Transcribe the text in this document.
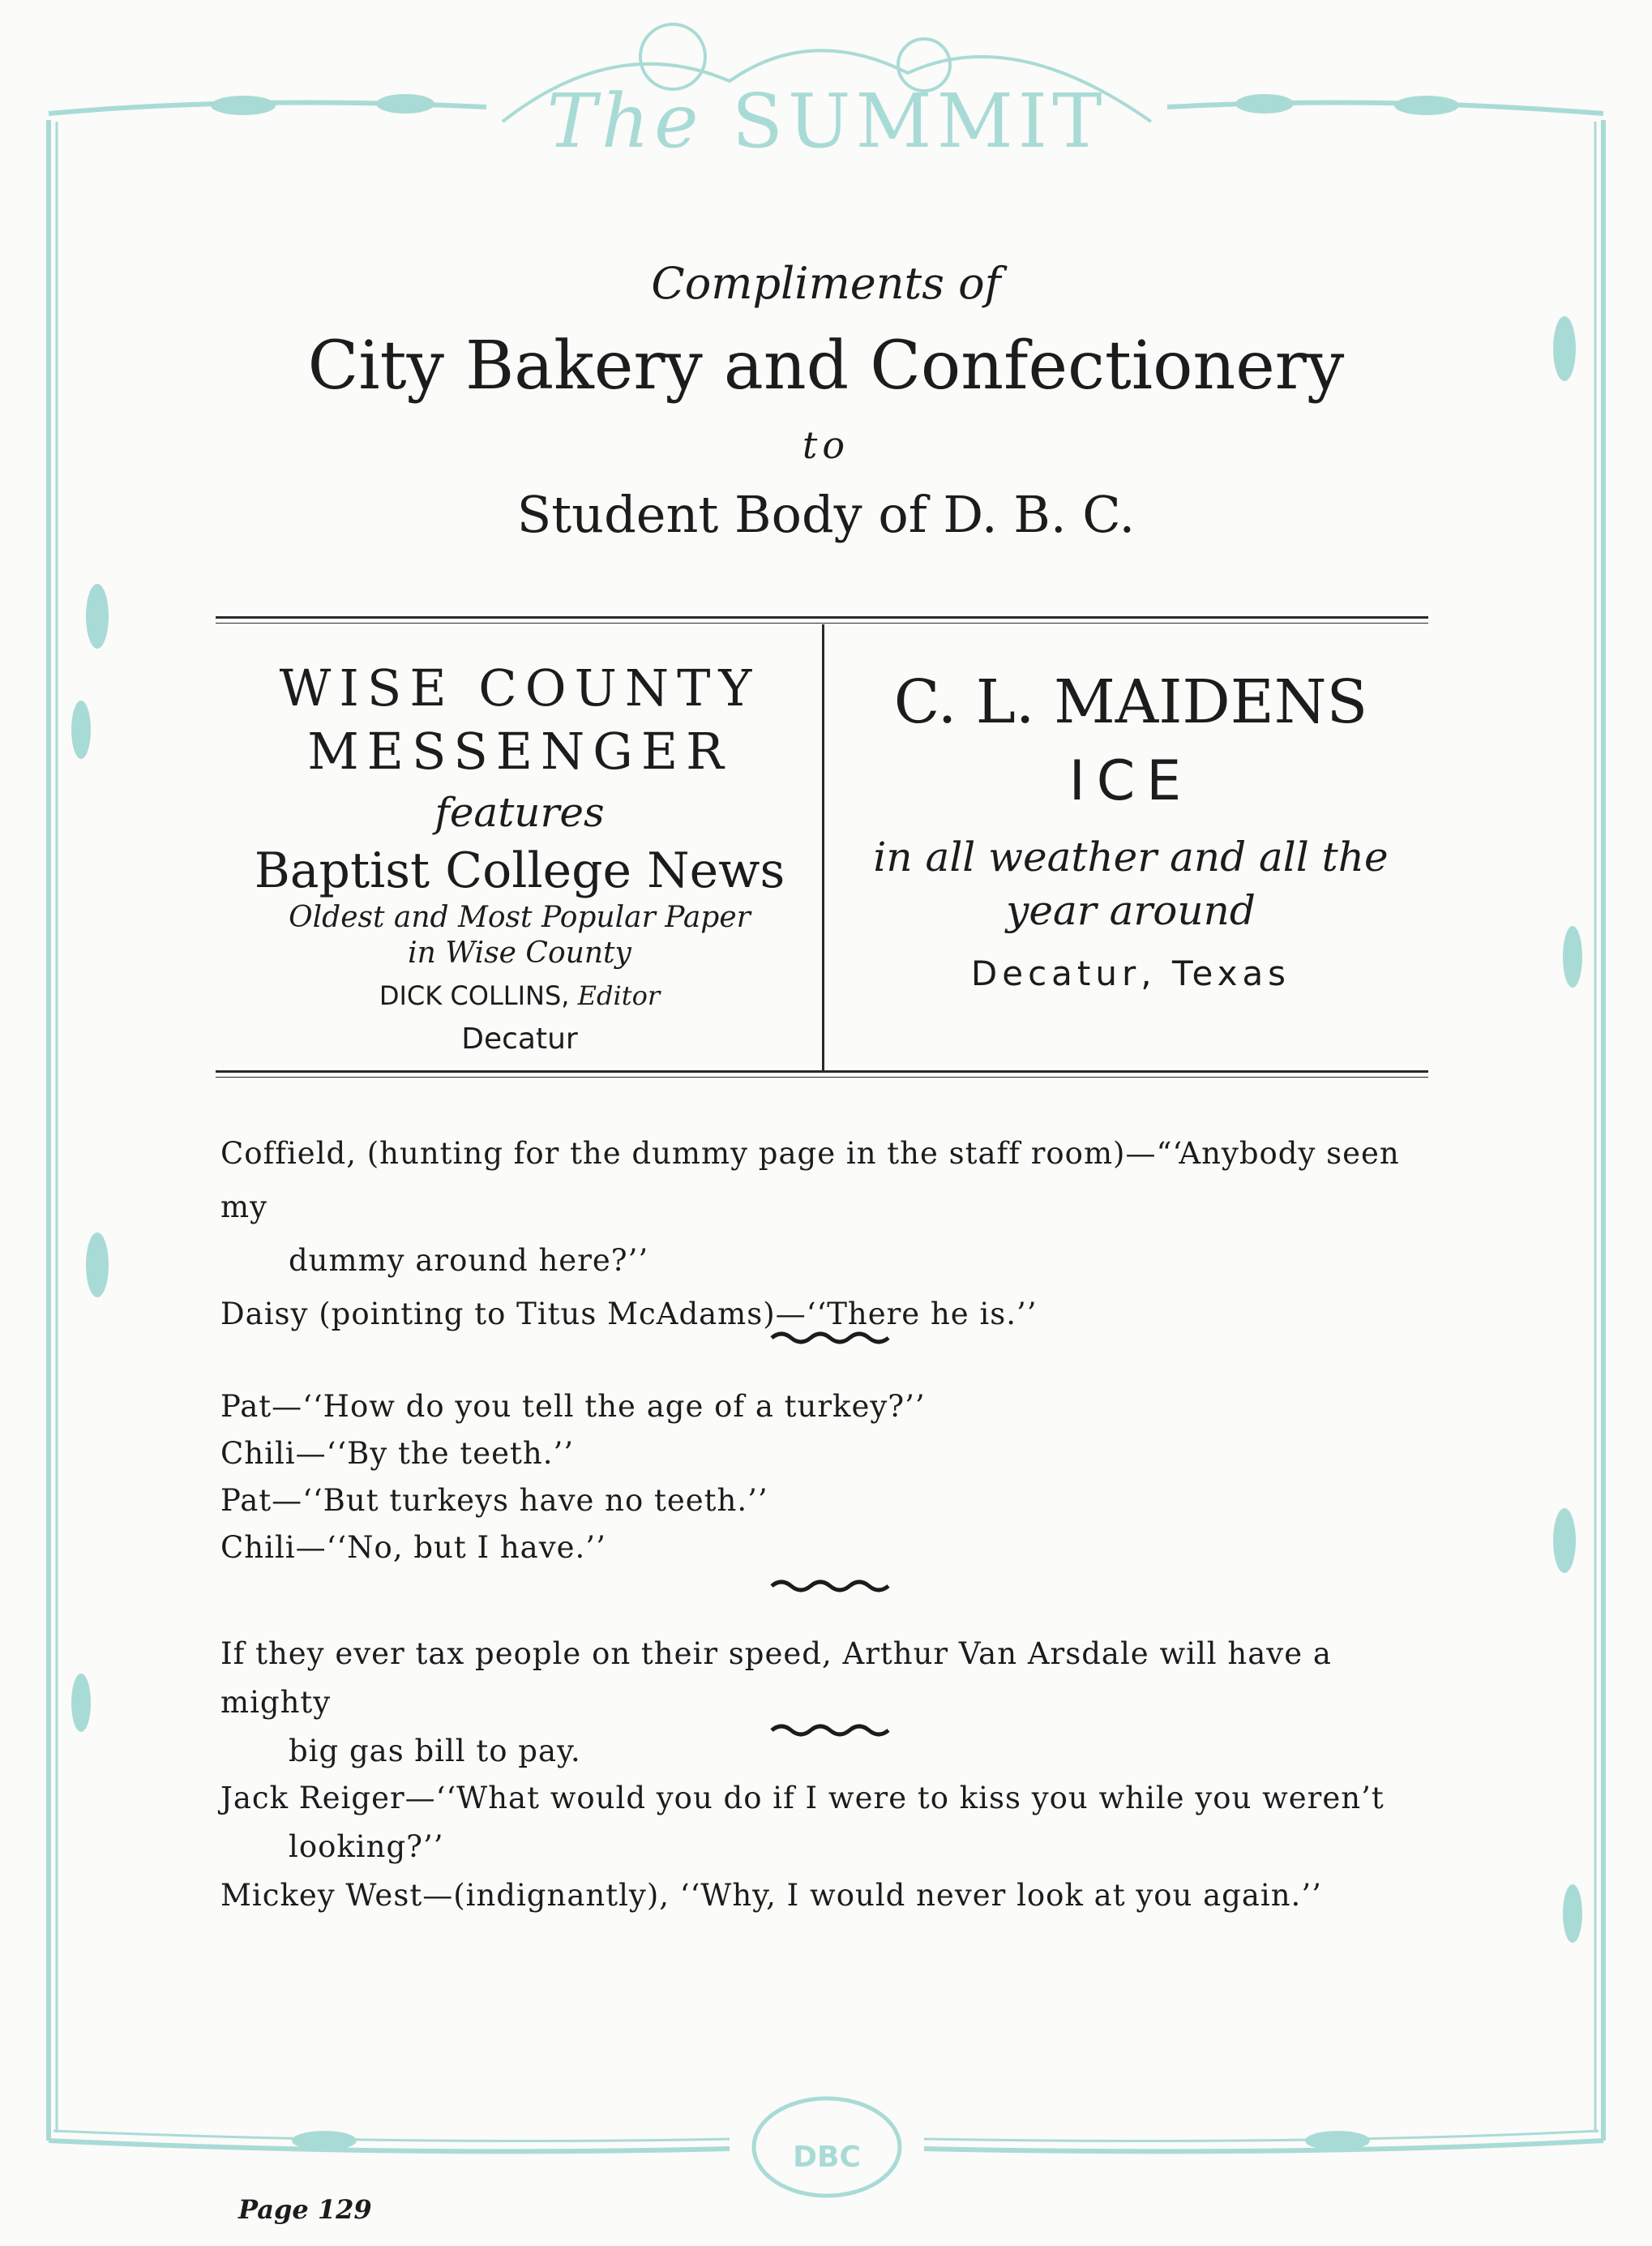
The SUMMIT
Compliments of
City Bakery and Confectionery
to
Student Body of D. B. C.
WISE COUNTY
MESSENGER
features
Baptist College News
Oldest and Most Popular Paper
in Wise County
DICK COLLINS, Editor
Decatur
C. L. MAIDENS
ICE
in all weather and all the
year around
Decatur, Texas

Coffield, (hunting for the dummy page in the staff room)—“‘Anybody seen my

dummy around here?’’

Daisy (pointing to Titus McAdams)—‘‘There he is.’’

Pat—‘‘How do you tell the age of a turkey?’’

Chili—‘‘By the teeth.’’

Pat—‘‘But turkeys have no teeth.’’

Chili—‘‘No, but I have.’’

If they ever tax people on their speed, Arthur Van Arsdale will have a mighty

big gas bill to pay.

Jack Reiger—‘‘What would you do if I were to kiss you while you weren’t

looking?’’

Mickey West—(indignantly), ‘‘Why, I would never look at you again.’’

DBC
Page 129
